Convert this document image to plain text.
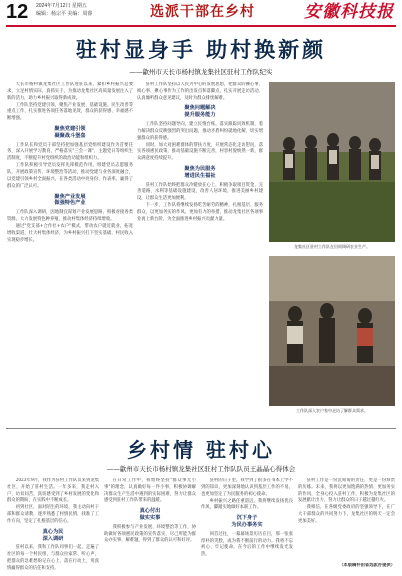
12 2024年7月12日 星期五
编辑：杨宗平 美编：周睿	选派干部在乡村	安徽科技报
驻村显身手 助村换新颜
——歙州市天长市杨村镇龙集社区驻村工作队纪实

天长市杨村镇龙集社区工作队进驻以来，紧扣乡村振兴总要求，立足村情实际，真抓实干，为推动龙集社区高质量发展注入了新的活力，助力乡村振兴取得新成效。

工作队坚持党建引领，聚焦产业发展、基础设施、民生改善等重点工作，扎实推进各项任务落地见效，群众的获得感、幸福感不断增强。

聚焦党建引领
凝聚战斗堡垒

工作队长和党员干部坚持把加强基层党组织建设作为首要任务，深入开展学习教育，严格落实"三会一课"、主题党日等组织生活制度，不断提升村党组织的政治功能和组织力。

工作队积极引导党员发挥先锋模范作用，组建党员志愿服务队，开展政策宣传、环境整治等活动，推动党建与业务深度融合，以党建引领乡村全面振兴，在各类活动中亮身份、作表率，赢得了群众的广泛认可。

聚焦产业发展
做强特色产业

工作队深入调研，因地制宜谋划产业发展思路，积极对接各类资源，大力发展特色种养殖，推动村集体经济持续增收。

通过"党支部+合作社+农户"模式，带动农户就近就业，拓宽增收渠道，壮大村集体经济，为乡村振兴打下坚实基础，村民收入实现稳步增长。

驻村工作队坚持以人民为中心的发展思想，把群众的操心事、烦心事、揪心事作为工作的出发点和落脚点，扎实开展走访活动，认真倾听群众意见建议，及时为群众排忧解难。

聚焦问题解决
提升服务能力

工作队坚持问题导向，建立民情台账，落实跟踪问效机制，着力解决群众反映强烈的突出问题，推动矛盾纠纷就地化解，切实增强群众的获得感。

同时，加大对困难群体的帮扶力度，开展常态化走访慰问，落实各项惠民政策，推动基础设施不断完善，村容村貌焕然一新，群众满意度持续提升。

聚焦为民服务
增进民生福祉

驻村工作队始终把群众冷暖放在心上，积极争取项目资金，完善道路、水利等基础设施建设，改善人居环境，推进美丽乡村建设，让群众生活更加便利。

下一步，工作队将继续发扬吃苦耐劳的精神，扎根基层、服务群众，以更加务实的作风、更加有力的举措，推动龙集社区各项事业再上新台阶，为全面推进乡村振兴贡献力量。

龙集社区驻村工作队在田间调研农业生产。
工作队深入农户家中走访了解群众需求。
乡村情 驻村心
——歙州市天长市杨村镇龙集社区驻村工作队队员王晶晶心得体会

2023年9月，我作为驻村工作队员来到龙集社区，开始了驻村生活。一年多来，我走村入户、访贫问苦，真切感受到了乡村发展的变化和群众的期盼，在实践中不断成长。

初到社区，面对陌生的环境，我主动向村干部和群众请教，逐步熟悉了村情民情，找准了工作方向，坚定了扎根基层的信心。

真心为民
深入调研

驻村以来，我和工作队同事们一起，走遍了社区的每一个村民组，与群众拉家常、听心声，把群众的急难愁盼记在心上、落在行动上，用真情赢得群众的信任和支持。

在日常工作中，我始终坚持"群众事无小事"的理念，认真做好每一件小事，积极协调解决群众生产生活中遇到的实际困难，努力让群众感受到驻村工作队带来的温暖。

真心付出
做实实事

我积极参与产业发展、环境整治等工作，协助做好各项惠民政策的宣传落实，尽己所能为群众办实事、解难题，得到了群众的认可和好评。

驻村的日子里，我学到了很多在书本上学不到的知识，更加深刻地认识到基层工作的不易，也更加坚定了为民服务的初心使命。

乡村振兴之路任重道远，我将继续发扬优良作风，脚踏实地做好本职工作。

沉下身子
为民办事务实

回首过往，一幕幕场景历历在目，那一张张淳朴的笑脸，成为我不断前行的动力。我将不忘初心、牢记使命，在今后的工作中继续发光发热。

驻村工作是一份沉甸甸的责任，更是一份珍贵的历练。未来，我将以更加饱满的热情、更加务实的作风，全身心投入驻村工作，积极为龙集社区的发展献计出力，努力让群众的日子越过越红火。

我相信，在各级党委政府的坚强领导下，在广大干部群众的共同努力下，龙集社区的明天一定会更加美好。

（本版稿件由省选派办提供）
